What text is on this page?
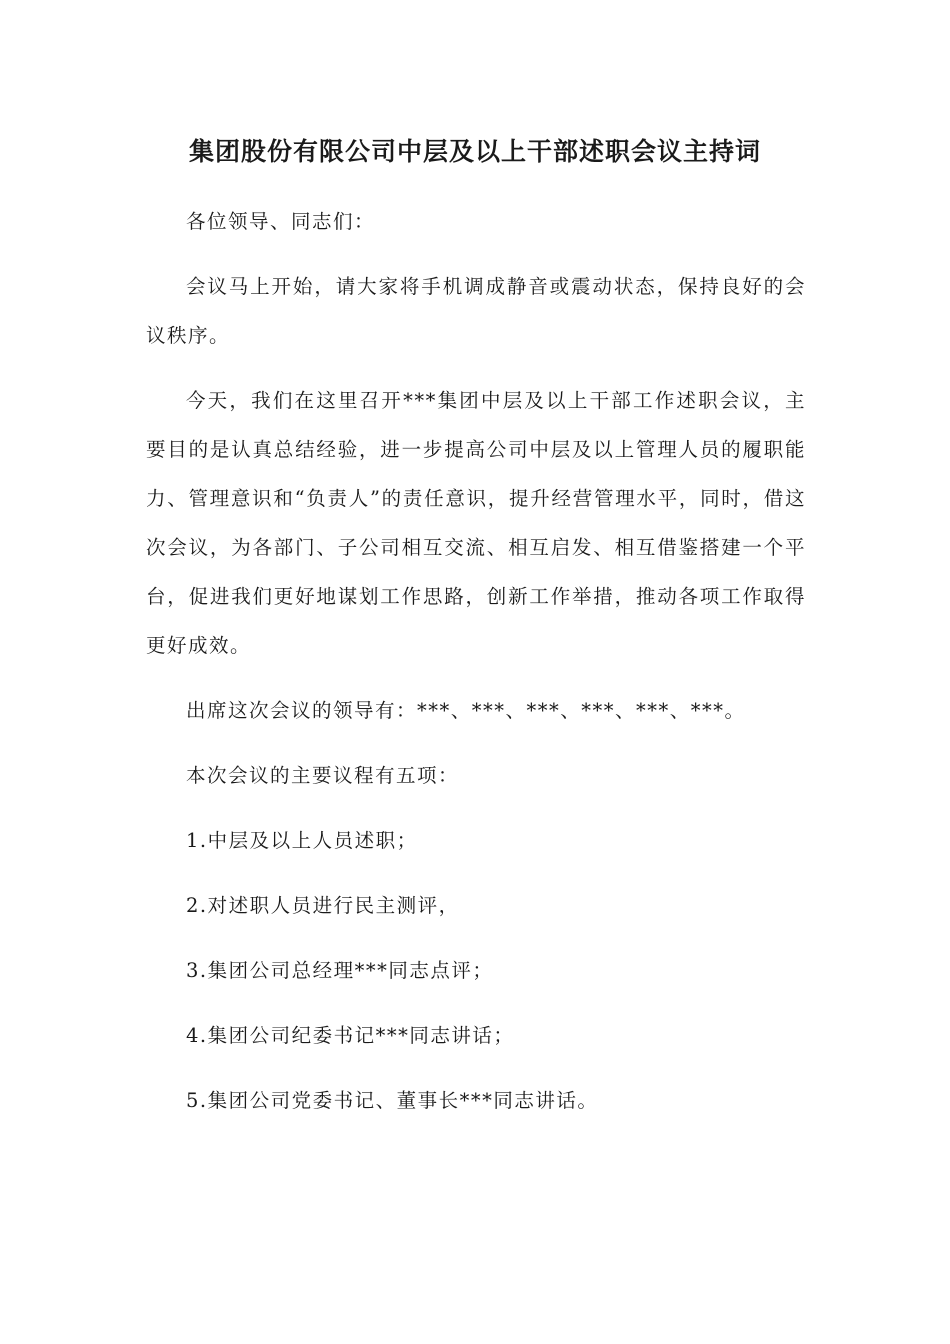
集团股份有限公司中层及以上干部述职会议主持词

各位领导、同志们：

会议马上开始，请大家将手机调成静音或震动状态，保持良好的会议秩序。

今天，我们在这里召开***集团中层及以上干部工作述职会议，主要目的是认真总结经验，进一步提高公司中层及以上管理人员的履职能力、管理意识和“负责人”的责任意识，提升经营管理水平，同时，借这次会议，为各部门、子公司相互交流、相互启发、相互借鉴搭建一个平台，促进我们更好地谋划工作思路，创新工作举措，推动各项工作取得更好成效。

出席这次会议的领导有：***、***、***、***、***、***。

本次会议的主要议程有五项：

1.中层及以上人员述职；

2.对述职人员进行民主测评，

3.集团公司总经理***同志点评；

4.集团公司纪委书记***同志讲话；

5.集团公司党委书记、董事长***同志讲话。
